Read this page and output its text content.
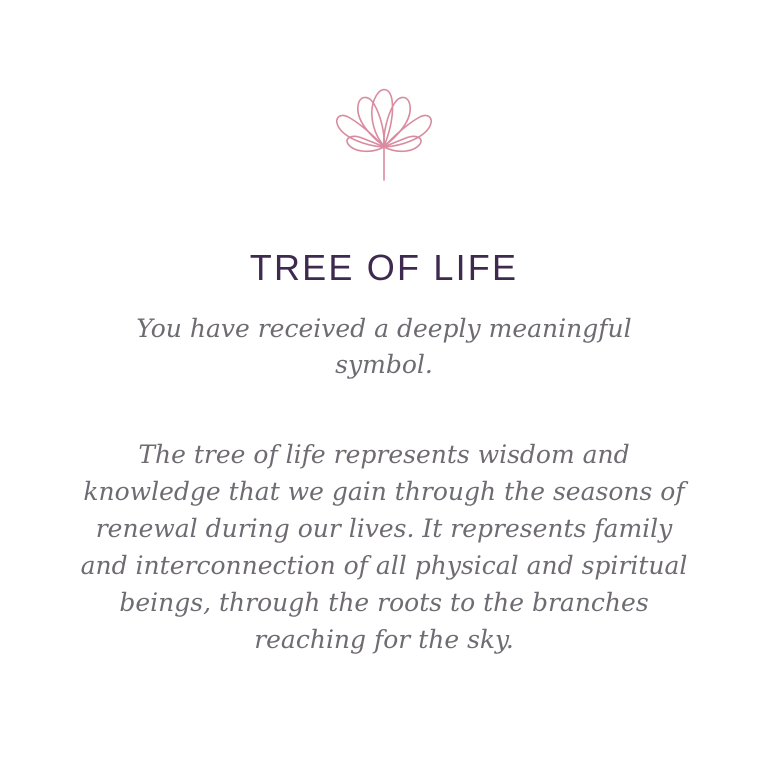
TREE OF LIFE

You have received a deeply meaningful symbol.

The tree of life represents wisdom and knowledge that we gain through the seasons of renewal during our lives. It represents family and interconnection of all physical and spiritual beings, through the roots to the branches reaching for the sky.
